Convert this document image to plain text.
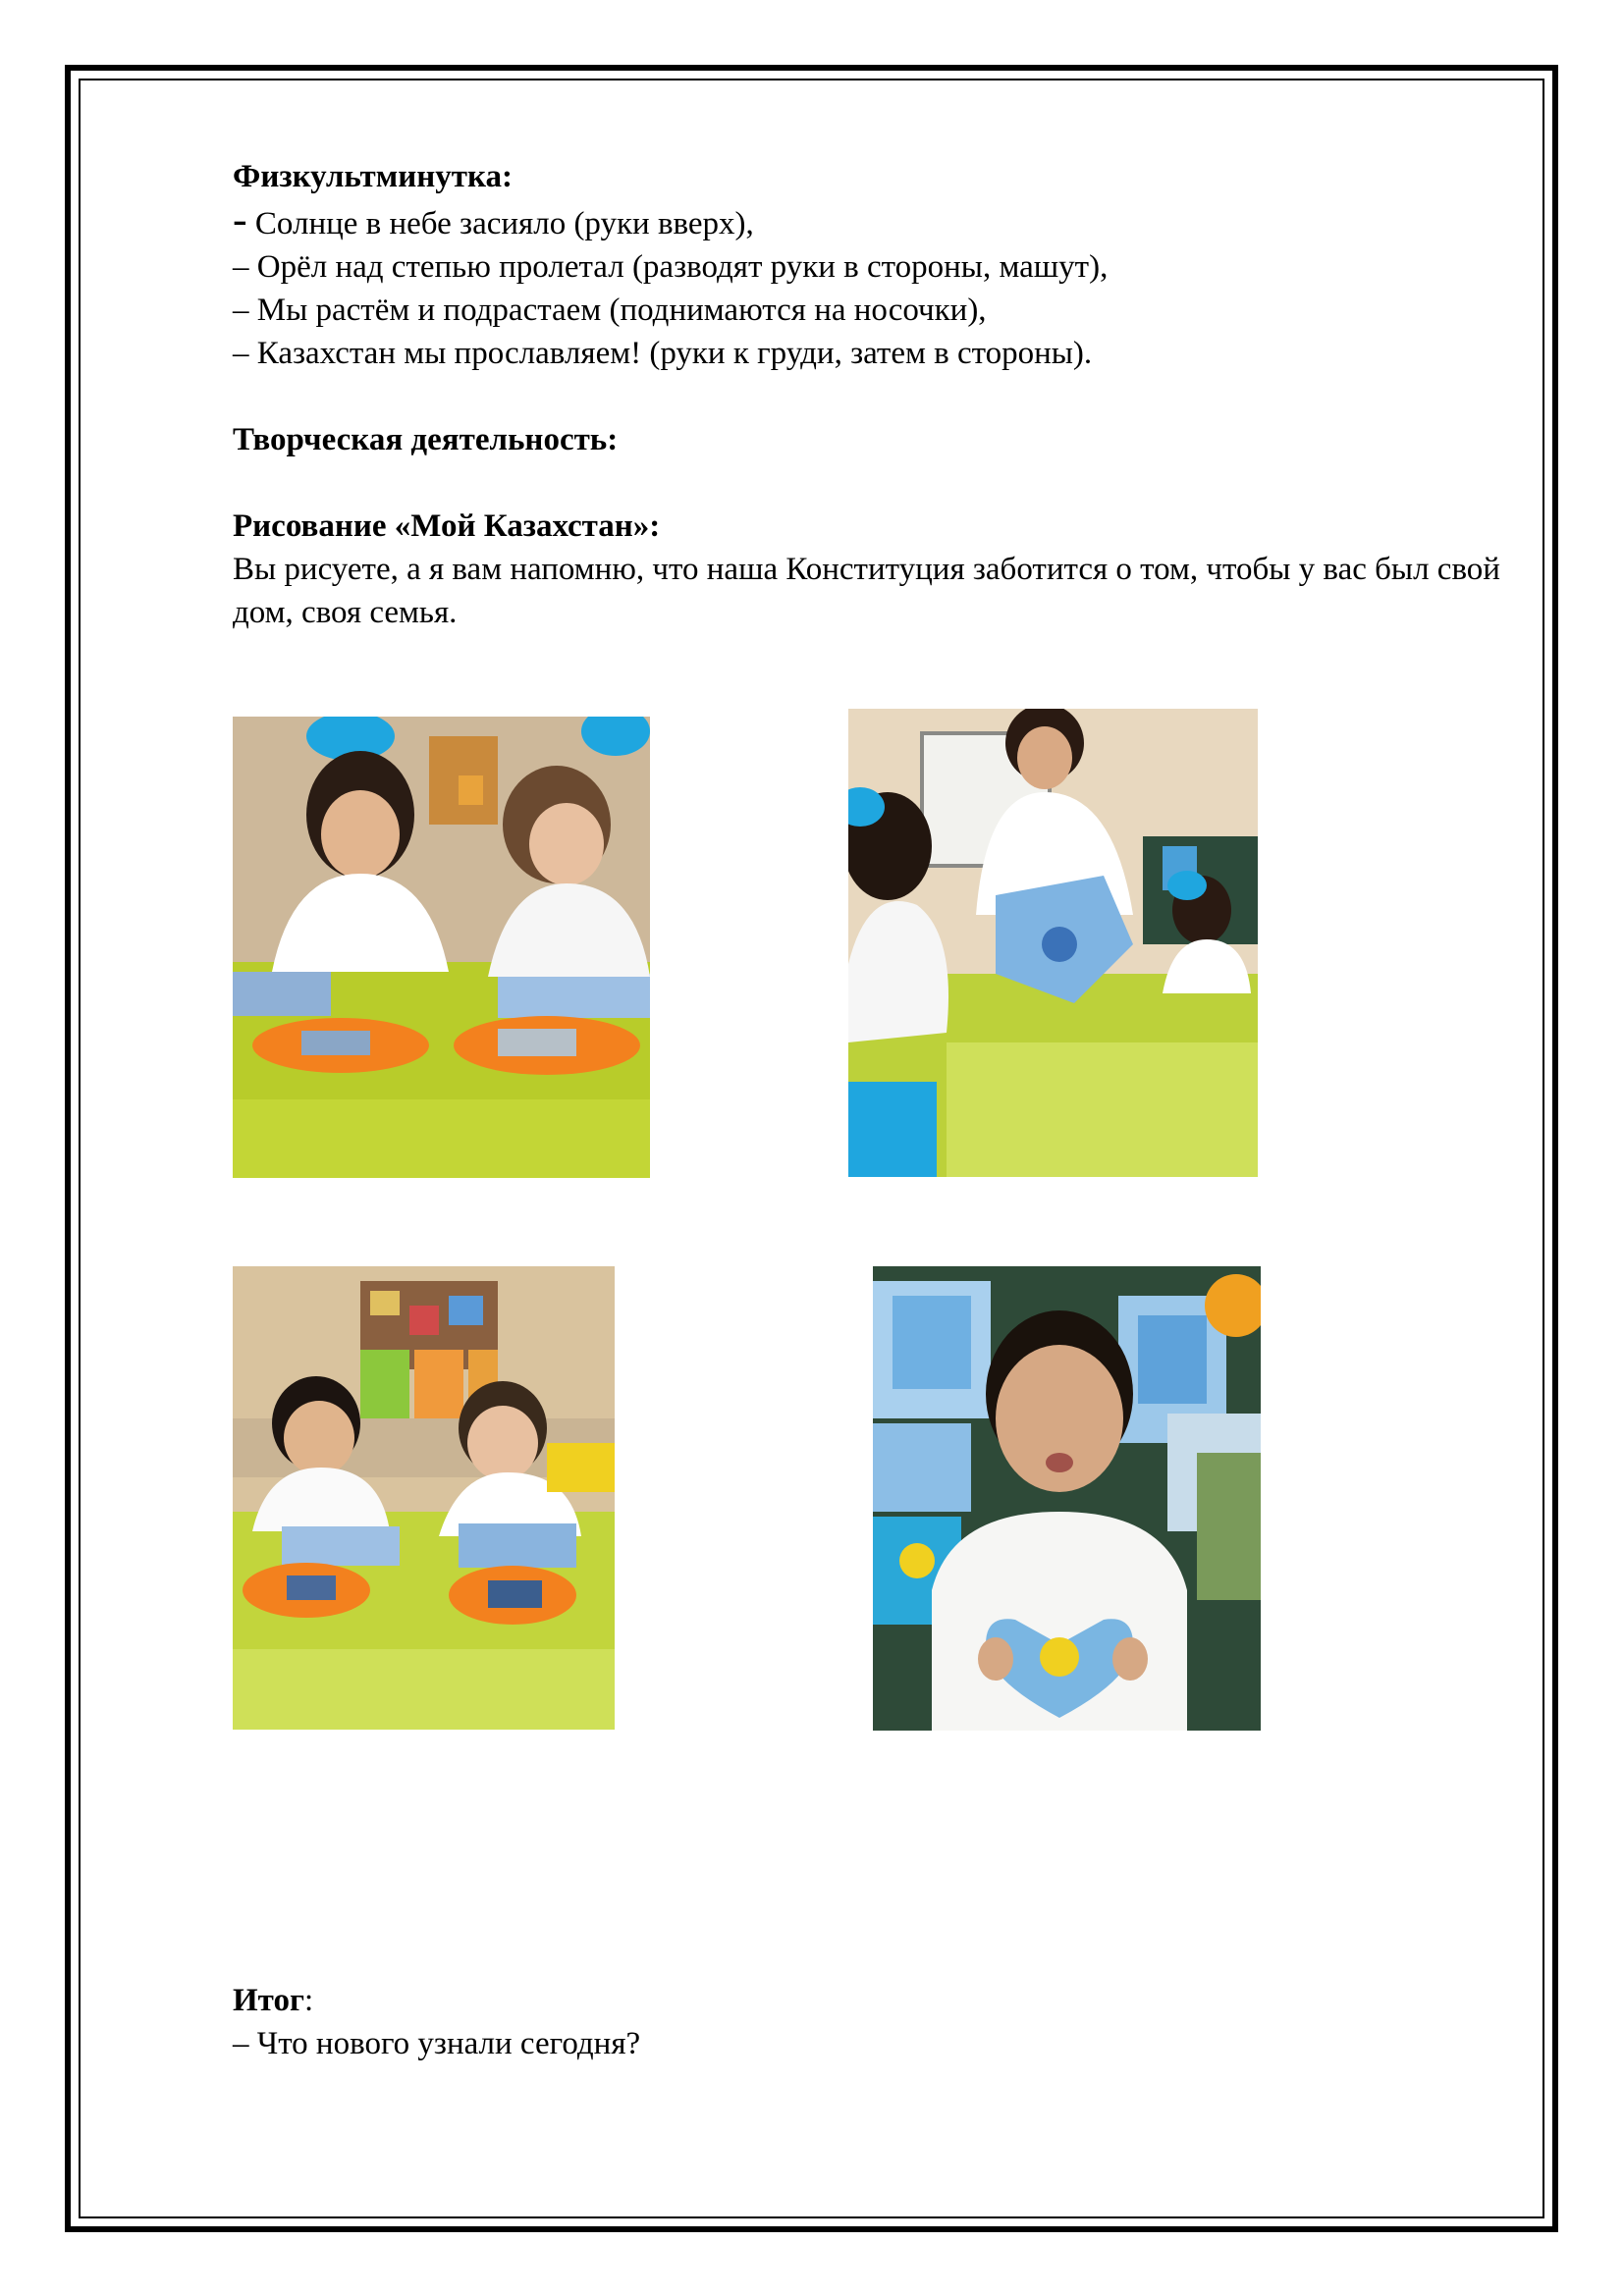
Физкультминутка:
- Солнце в небе засияло (руки вверх),
– Орёл над степью пролетал (разводят руки в стороны, машут),
– Мы растём и подрастаем (поднимаются на носочки),
– Казахстан мы прославляем! (руки к груди, затем в стороны).
Творческая деятельность:
Рисование «Мой Казахстан»:
Вы рисуете, а я вам напомню, что наша Конституция заботится о том, чтобы у вас был свой дом, своя семья.
Итог:
– Что нового узнали сегодня?
